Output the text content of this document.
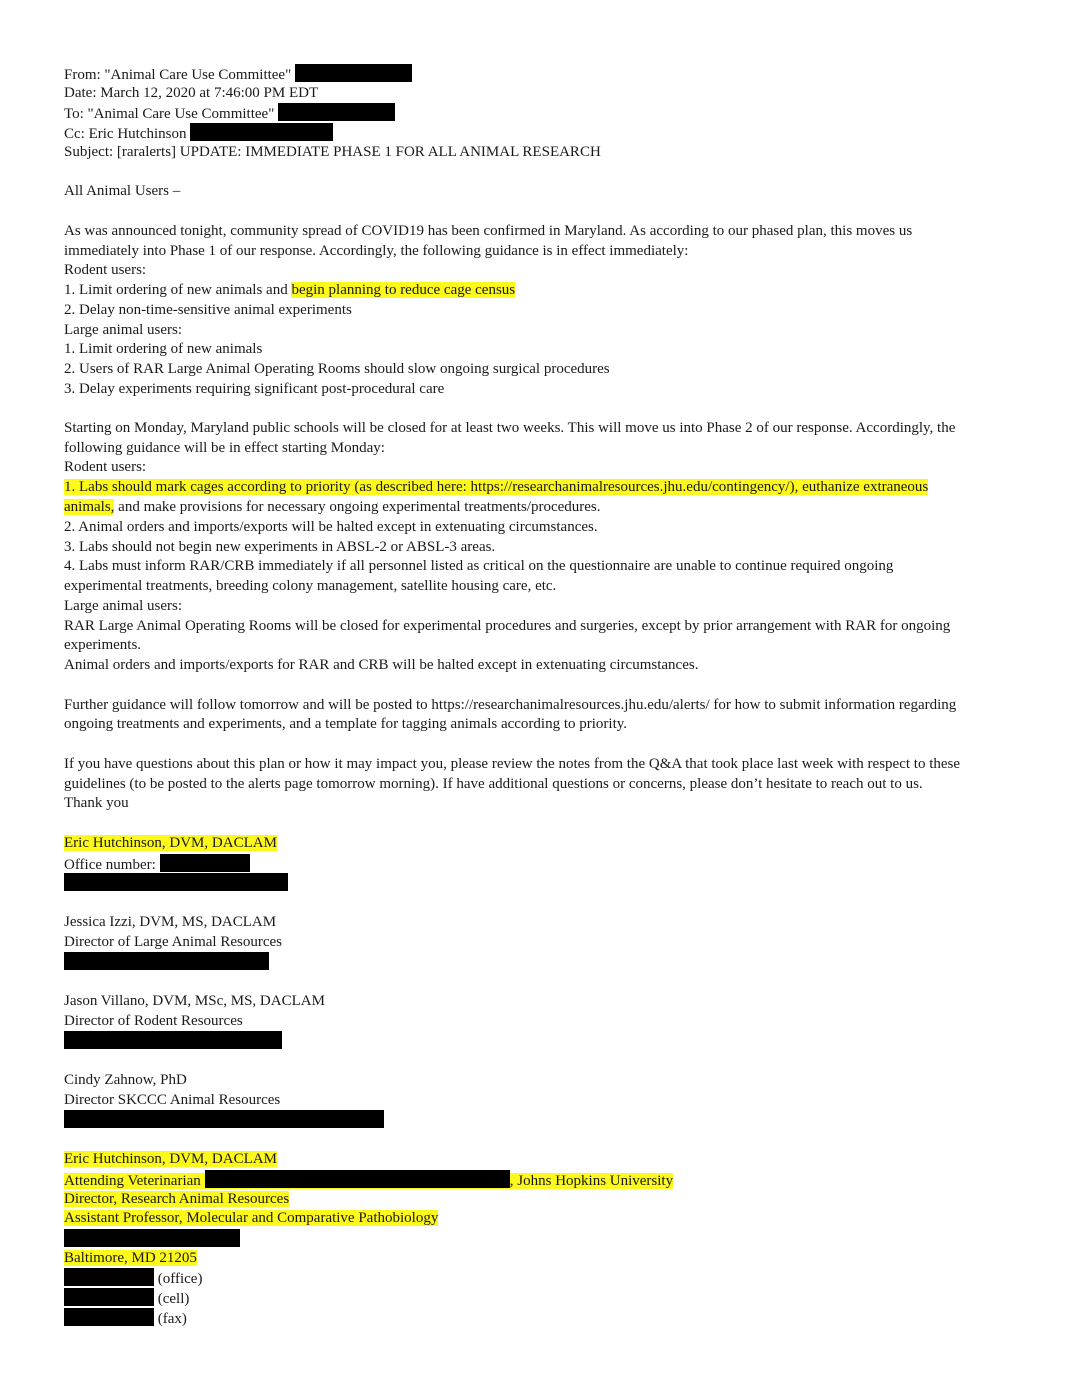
From: "Animal Care Use Committee"
Date: March 12, 2020 at 7:46:00 PM EDT
To: "Animal Care Use Committee"
Cc: Eric Hutchinson
Subject: [raralerts] UPDATE: IMMEDIATE PHASE 1 FOR ALL ANIMAL RESEARCH
All Animal Users –
As was announced tonight, community spread of COVID19 has been confirmed in Maryland. As according to our phased plan, this moves us
immediately into Phase 1 of our response. Accordingly, the following guidance is in effect immediately:
Rodent users:
1. Limit ordering of new animals and begin planning to reduce cage census
2. Delay non-time-sensitive animal experiments
Large animal users:
1. Limit ordering of new animals
2. Users of RAR Large Animal Operating Rooms should slow ongoing surgical procedures
3. Delay experiments requiring significant post-procedural care
Starting on Monday, Maryland public schools will be closed for at least two weeks. This will move us into Phase 2 of our response. Accordingly, the
following guidance will be in effect starting Monday:
Rodent users:
1. Labs should mark cages according to priority (as described here: https://researchanimalresources.jhu.edu/contingency/), euthanize extraneous
animals, and make provisions for necessary ongoing experimental treatments/procedures.
2. Animal orders and imports/exports will be halted except in extenuating circumstances.
3. Labs should not begin new experiments in ABSL-2 or ABSL-3 areas.
4. Labs must inform RAR/CRB immediately if all personnel listed as critical on the questionnaire are unable to continue required ongoing
experimental treatments, breeding colony management, satellite housing care, etc.
Large animal users:
RAR Large Animal Operating Rooms will be closed for experimental procedures and surgeries, except by prior arrangement with RAR for ongoing
experiments.
Animal orders and imports/exports for RAR and CRB will be halted except in extenuating circumstances.
Further guidance will follow tomorrow and will be posted to https://researchanimalresources.jhu.edu/alerts/ for how to submit information regarding
ongoing treatments and experiments, and a template for tagging animals according to priority.
If you have questions about this plan or how it may impact you, please review the notes from the Q&A that took place last week with respect to these
guidelines (to be posted to the alerts page tomorrow morning). If have additional questions or concerns, please don’t hesitate to reach out to us.
Thank you
Eric Hutchinson, DVM, DACLAM
Office number:
Jessica Izzi, DVM, MS, DACLAM
Director of Large Animal Resources
Jason Villano, DVM, MSc, MS, DACLAM
Director of Rodent Resources
Cindy Zahnow, PhD
Director SKCCC Animal Resources
Eric Hutchinson, DVM, DACLAM
Attending Veterinarian	, Johns Hopkins University
Director, Research Animal Resources
Assistant Professor, Molecular and Comparative Pathobiology
Baltimore, MD 21205
(office)
(cell)
(fax)
